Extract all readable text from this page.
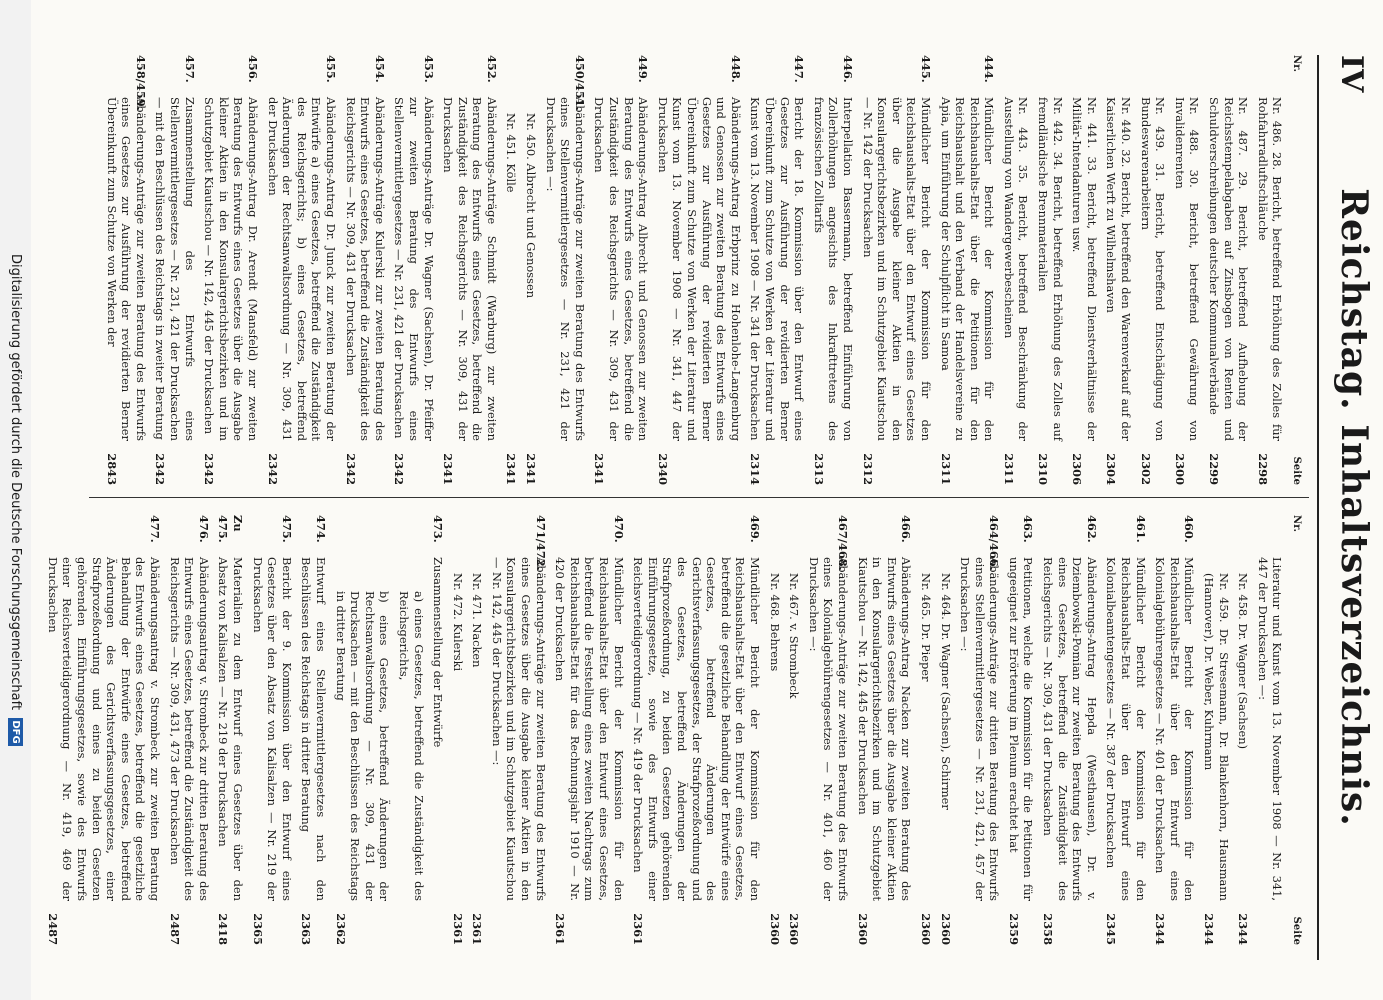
IV
Reichstag. Inhaltsverzeichnis.
Nr.
Seite
Nr. 486. 28. Bericht, betreffend Erhöhung des Zolles für Rohfahrradluftschläuche
2298
Nr. 487. 29. Bericht, betreffend Aufhebung der Reichsstempelabgaben auf Zinsbogen von Renten und Schuldverschreibungen deutscher Kommunalverbände
2299
Nr. 488. 30. Bericht, betreffend Gewährung von Invalidenrenten
2300
Nr. 439. 31. Bericht, betreffend Entschädigung von Bundeswarenarbeitern
2302
Nr. 440. 32. Bericht, betreffend den Warenverkauf auf der Kaiserlichen Werft zu Wilhelmshaven
2304
Nr. 441. 33. Bericht, betreffend Dienstverhältnisse der Militär-Intendanturen usw.
2306
Nr. 442. 34. Bericht, betreffend Erhöhung des Zolles auf fremdländische Brennmaterialien
2310
Nr. 443. 35. Bericht, betreffend Beschränkung der Ausstellung von Wandergewerbescheinen
2311
444.
Mündlicher Bericht der Kommission für den Reichshaushalts-Etat über die Petitionen für den Reichshaushalt und den Verband der Handelsvereine zu Apia, um Einführung der Schulpflicht in Samoa
2311
445.
Mündlicher Bericht der Kommission für den Reichshaushalts-Etat über den Entwurf eines Gesetzes über die Ausgabe kleiner Aktien in den Konsulargerichtsbezirken und im Schutzgebiet Kiautschou — Nr. 142 der Drucksachen
2312
446.
Interpellation Bassermann, betreffend Einführung von Zollerhöhungen angesichts des Inkrafttretens des französischen Zolltarifs
2313
447.
Bericht der 18. Kommission über den Entwurf eines Gesetzes zur Ausführung der revidierten Berner Übereinkunft zum Schutze von Werken der Literatur und Kunst vom 13. November 1908 — Nr. 341 der Drucksachen
2314
448.
Abänderungs-Antrag Erbprinz zu Hohenlohe-Langenburg und Genossen zur zweiten Beratung des Entwurfs eines Gesetzes zur Ausführung der revidierten Berner Übereinkunft zum Schutze von Werken der Literatur und Kunst vom 13. November 1908 — Nr. 341, 447 der Drucksachen
2340
449.
Abänderungs-Antrag Albrecht und Genossen zur zweiten Beratung des Entwurfs eines Gesetzes, betreffend die Zuständigkeit des Reichsgerichts — Nr. 309, 431 der Drucksachen
2341
450/451.
Abänderungs-Anträge zur zweiten Beratung des Entwurfs eines Stellenvermittlergesetzes — Nr. 231, 421 der Drucksachen —:
Nr. 450. Albrecht und Genossen
2341
Nr. 451. Kölle
2341
452.
Abänderungs-Anträge Schmidt (Warburg) zur zweiten Beratung des Entwurfs eines Gesetzes, betreffend die Zuständigkeit des Reichsgerichts — Nr. 309, 431 der Drucksachen
2341
453.
Abänderungs-Anträge Dr. Wagner (Sachsen), Dr. Pfeiffer zur zweiten Beratung des Entwurfs eines Stellenvermittlergesetzes — Nr. 231, 421 der Drucksachen
2342
454.
Abänderungs-Anträge Kulerski zur zweiten Beratung des Entwurfs eines Gesetzes, betreffend die Zuständigkeit des Reichsgerichts — Nr. 309, 431 der Drucksachen
2342
455.
Abänderungs-Antrag Dr. Junck zur zweiten Beratung der Entwürfe a) eines Gesetzes, betreffend die Zuständigkeit des Reichsgerichts; b) eines Gesetzes, betreffend Änderungen der Rechtsanwaltsordnung — Nr. 309, 431 der Drucksachen
2342
456.
Abänderungs-Antrag Dr. Arendt (Mansfeld) zur zweiten Beratung des Entwurfs eines Gesetzes über die Ausgabe kleiner Aktien in den Konsulargerichtsbezirken und im Schutzgebiet Kiautschou — Nr. 142, 445 der Drucksachen
2342
457.
Zusammenstellung des Entwurfs eines Stellenvermittlergesetzes — Nr. 231, 421 der Drucksachen — mit den Beschlüssen des Reichstags in zweiter Beratung
2342
458/459.
Abänderungs-Anträge zur zweiten Beratung des Entwurfs eines Gesetzes zur Ausführung der revidierten Berner Übereinkunft zum Schutze von Werken der
2843
Nr.
Seite
Literatur und Kunst vom 13. November 1908 — Nr. 341, 447 der Drucksachen —:
Nr. 458. Dr. Wagner (Sachsen)
2344
Nr. 459. Dr. Stresemann, Dr. Blankenhorn, Hausmann (Hannover), Dr. Weber, Kuhrmann
2344
460.
Mündlicher Bericht der Kommission für den Reichshaushalts-Etat über den Entwurf eines Kolonialgebührengesetzes — Nr. 401 der Drucksachen
2344
461.
Mündlicher Bericht der Kommission für den Reichshaushalts-Etat über den Entwurf eines Kolonialbeamtengesetzes — Nr. 387 der Drucksachen
2345
462.
Abänderungs-Antrag Hepda (Westhausen), Dr. v. Dziembowski-Pomian zur zweiten Beratung des Entwurfs eines Gesetzes, betreffend die Zuständigkeit des Reichsgerichts — Nr. 309, 431 der Drucksachen
2358
463.
Petitionen, welche die Kommission für die Petitionen für ungeeignet zur Erörterung im Plenum erachtet hat
2359
464/466.
Abänderungs-Anträge zur dritten Beratung des Entwurfs eines Stellenvermittlergesetzes — Nr. 231, 421, 457 der Drucksachen —:
Nr. 464. Dr. Wagner (Sachsen), Schirmer
2360
Nr. 465. Dr. Pieper
2360
466.
Abänderungs-Antrag Nacken zur zweiten Beratung des Entwurfs eines Gesetzes über die Ausgabe kleiner Aktien in den Konsulargerichtsbezirken und im Schutzgebiet Kiautschou — Nr. 142, 445 der Drucksachen
2360
467/468.
Abänderungs-Anträge zur zweiten Beratung des Entwurfs eines Kolonialgebührengesetzes — Nr. 401, 460 der Drucksachen —:
Nr. 467. v. Strombeck
2360
Nr. 468. Behrens
2360
469.
Mündlicher Bericht der Kommission für den Reichshaushalts-Etat über den Entwurf eines Gesetzes, betreffend die gesetzliche Behandlung der Entwürfe eines Gesetzes, betreffend Änderungen des Gerichtsverfassungsgesetzes, der Strafprozeßordnung und des Gesetzes, betreffend Änderungen der Strafprozeßordnung, zu beiden Gesetzen gehörenden Einführungsgesetze, sowie des Entwurfs einer Reichsverteidigerordnung — Nr. 419 der Drucksachen
2361
470.
Mündlicher Bericht der Kommission für den Reichshaushalts-Etat über den Entwurf eines Gesetzes, betreffend die Feststellung eines zweiten Nachtrags zum Reichshaushalts-Etat für das Rechnungsjahr 1910 — Nr. 420 der Drucksachen
2361
471/472.
Abänderungs-Anträge zur zweiten Beratung des Entwurfs eines Gesetzes über die Ausgabe kleiner Aktien in den Konsulargerichtsbezirken und im Schutzgebiet Kiautschou — Nr. 142, 445 der Drucksachen —:
Nr. 471. Nacken
2361
Nr. 472. Kulerski
2361
473.
Zusammenstellung der Entwürfe
a) eines Gesetzes, betreffend die Zuständigkeit des Reichsgerichts,
b) eines Gesetzes, betreffend Änderungen der Rechtsanwaltsordnung — Nr. 309, 431 der Drucksachen — mit den Beschlüssen des Reichstags in dritter Beratung
2362
474.
Entwurf eines Stellenvermittlergesetzes nach den Beschlüssen des Reichstags in dritter Beratung
2363
475.
Bericht der 9. Kommission über den Entwurf eines Gesetzes über den Absatz von Kalisalzen — Nr. 219 der Drucksachen
2365
Zu 475.
Materialien zu dem Entwurf eines Gesetzes über den Absatz von Kalisalzen — Nr. 219 der Drucksachen
2418
476.
Abänderungsantrag v. Strombeck zur dritten Beratung des Entwurfs eines Gesetzes, betreffend die Zuständigkeit des Reichsgerichts — Nr. 309, 431, 473 der Drucksachen
2487
477.
Abänderungsantrag v. Strombeck zur zweiten Beratung des Entwurfs eines Gesetzes, betreffend die gesetzliche Behandlung der Entwürfe eines Gesetzes, betreffend Änderungen des Gerichtsverfassungsgesetzes, einer Strafprozeßordnung und eines zu beiden Gesetzen gehörenden Einführungsgesetzes, sowie des Entwurfs einer Reichsverteidigerordnung — Nr. 419, 469 der Drucksachen
2487
Digitalisierung gefördert durch die Deutsche Forschungsgemeinschaft
DFG
